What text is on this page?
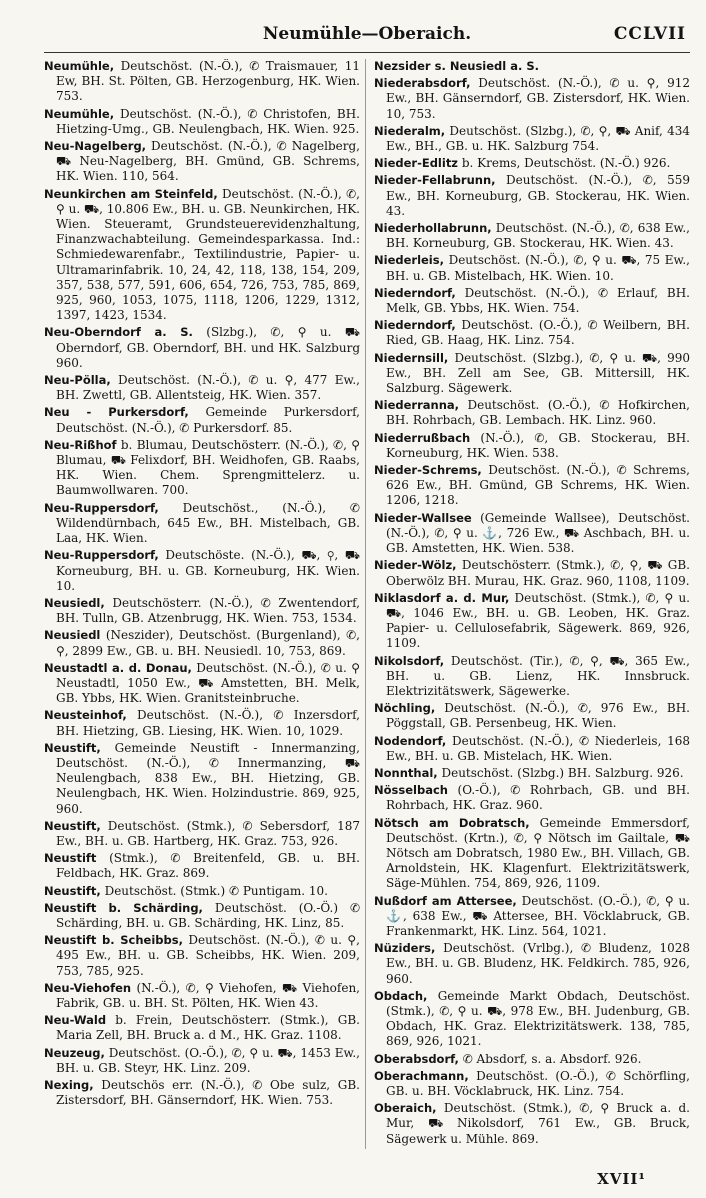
Neumühle—Oberaich.	CCLVII

Neumühle, Deutschöst. (N.-Ö.), ✆ Traismauer, 11 Ew, BH. St. Pölten, GB. Herzogenburg, HK. Wien. 753.

Neumühle, Deutschöst. (N.-Ö.), ✆ Christofen, BH. Hietzing-Umg., GB. Neulengbach, HK. Wien. 925.

Neu-Nagelberg, Deutschöst. (N.-Ö.), ✆ Nagelberg, ⛟ Neu-Nagelberg, BH. Gmünd, GB. Schrems, HK. Wien. 110, 564.

Neunkirchen am Steinfeld, Deutschöst. (N.-Ö.), ✆, ⚲ u. ⛟, 10.806 Ew., BH. u. GB. Neunkirchen, HK. Wien. Steueramt, Grundsteuerevidenzhaltung, Finanzwachabteilung. Gemeindesparkassa. Ind.: Schmiedewarenfabr., Textilindustrie, Papier- u. Ultramarinfabrik. 10, 24, 42, 118, 138, 154, 209, 357, 538, 577, 591, 606, 654, 726, 753, 785, 869, 925, 960, 1053, 1075, 1118, 1206, 1229, 1312, 1397, 1423, 1534.

Neu-Oberndorf a. S. (Slzbg.), ✆, ⚲ u. ⛟ Oberndorf, GB. Oberndorf, BH. und HK. Salzburg 960.

Neu-Pölla, Deutschöst. (N.-Ö.), ✆ u. ⚲, 477 Ew., BH. Zwettl, GB. Allentsteig, HK. Wien. 357.

Neu - Purkersdorf, Gemeinde Purkersdorf, Deutschöst. (N.-Ö.), ✆ Purkersdorf. 85.

Neu-Rißhof b. Blumau, Deutschösterr. (N.-Ö.), ✆, ⚲ Blumau, ⛟ Felixdorf, BH. Weidhofen, GB. Raabs, HK. Wien. Chem. Sprengmittelerz. u. Baumwollwaren. 700.

Neu-Ruppersdorf, Deutschöst., (N.-Ö.), ✆ Wildendürnbach, 645 Ew., BH. Mistelbach, GB. Laa, HK. Wien.

Neu-Ruppersdorf, Deutschöste. (N.-Ö.), ⛟, ⚲, ⛟ Korneuburg, BH. u. GB. Korneuburg, HK. Wien. 10.

Neusiedl, Deutschösterr. (N.-Ö.), ✆ Zwentendorf, BH. Tulln, GB. Atzenbrugg, HK. Wien. 753, 1534.

Neusiedl (Neszider), Deutschöst. (Burgenland), ✆, ⚲, 2899 Ew., GB. u. BH. Neusiedl. 10, 753, 869.

Neustadtl a. d. Donau, Deutschöst. (N.-Ö.), ✆ u. ⚲ Neustadtl, 1050 Ew., ⛟ Amstetten, BH. Melk, GB. Ybbs, HK. Wien. Granitsteinbruche.

Neusteinhof, Deutschöst. (N.-Ö.), ✆ Inzersdorf, BH. Hietzing, GB. Liesing, HK. Wien. 10, 1029.

Neustift, Gemeinde Neustift - Innermanzing, Deutschöst. (N.-Ö.), ✆ Innermanzing, ⛟ Neulengbach, 838 Ew., BH. Hietzing, GB. Neulengbach, HK. Wien. Holzindustrie. 869, 925, 960.

Neustift, Deutschöst. (Stmk.), ✆ Sebersdorf, 187 Ew., BH. u. GB. Hartberg, HK. Graz. 753, 926.

Neustift (Stmk.), ✆ Breitenfeld, GB. u. BH. Feldbach, HK. Graz. 869.

Neustift, Deutschöst. (Stmk.) ✆ Puntigam. 10.

Neustift b. Schärding, Deutschöst. (O.-Ö.) ✆ Schärding, BH. u. GB. Schärding, HK. Linz, 85.

Neustift b. Scheibbs, Deutschöst. (N.-Ö.), ✆ u. ⚲, 495 Ew., BH. u. GB. Scheibbs, HK. Wien. 209, 753, 785, 925.

Neu-Viehofen (N.-Ö.), ✆, ⚲ Viehofen, ⛟ Viehofen, Fabrik, GB. u. BH. St. Pölten, HK. Wien 43.

Neu-Wald b. Frein, Deutschösterr. (Stmk.), GB. Maria Zell, BH. Bruck a. d M., HK. Graz. 1108.

Neuzeug, Deutschöst. (O.-Ö.), ✆, ⚲ u. ⛟, 1453 Ew., BH. u. GB. Steyr, HK. Linz. 209.

Nexing, Deutschös err. (N.-Ö.), ✆ Obe sulz, GB. Zistersdorf, BH. Gänserndorf, HK. Wien. 753.

Nezsider s. Neusiedl a. S.

Niederabsdorf, Deutschöst. (N.-Ö.), ✆ u. ⚲, 912 Ew., BH. Gänserndorf, GB. Zistersdorf, HK. Wien. 10, 753.

Niederalm, Deutschöst. (Slzbg.), ✆, ⚲, ⛟ Anif, 434 Ew., BH., GB. u. HK. Salzburg 754.

Nieder-Edlitz b. Krems, Deutschöst. (N.-Ö.) 926.

Nieder-Fellabrunn, Deutschöst. (N.-Ö.), ✆, 559 Ew., BH. Korneuburg, GB. Stockerau, HK. Wien. 43.

Niederhollabrunn, Deutschöst. (N.-Ö.), ✆, 638 Ew., BH. Korneuburg, GB. Stockerau, HK. Wien. 43.

Niederleis, Deutschöst. (N.-Ö.), ✆, ⚲ u. ⛟, 75 Ew., BH. u. GB. Mistelbach, HK. Wien. 10.

Niederndorf, Deutschöst. (N.-Ö.), ✆ Erlauf, BH. Melk, GB. Ybbs, HK. Wien. 754.

Niederndorf, Deutschöst. (O.-Ö.), ✆ Weilbern, BH. Ried, GB. Haag, HK. Linz. 754.

Niedernsill, Deutschöst. (Slzbg.), ✆, ⚲ u. ⛟, 990 Ew., BH. Zell am See, GB. Mittersill, HK. Salzburg. Sägewerk.

Niederranna, Deutschöst. (O.-Ö.), ✆ Hofkirchen, BH. Rohrbach, GB. Lembach. HK. Linz. 960.

Niederrußbach (N.-Ö.), ✆, GB. Stockerau, BH. Korneuburg, HK. Wien. 538.

Nieder-Schrems, Deutschöst. (N.-Ö.), ✆ Schrems, 626 Ew., BH. Gmünd, GB Schrems, HK. Wien. 1206, 1218.

Nieder-Wallsee (Gemeinde Wallsee), Deutschöst. (N.-Ö.), ✆, ⚲ u. ⚓, 726 Ew., ⛟ Aschbach, BH. u. GB. Amstetten, HK. Wien. 538.

Nieder-Wölz, Deutschösterr. (Stmk.), ✆, ⚲, ⛟ GB. Oberwölz BH. Murau, HK. Graz. 960, 1108, 1109.

Niklasdorf a. d. Mur, Deutschöst. (Stmk.), ✆, ⚲ u. ⛟, 1046 Ew., BH. u. GB. Leoben, HK. Graz. Papier- u. Cellulosefabrik, Sägewerk. 869, 926, 1109.

Nikolsdorf, Deutschöst. (Tir.), ✆, ⚲, ⛟, 365 Ew., BH. u. GB. Lienz, HK. Innsbruck. Elektrizitätswerk, Sägewerke.

Nöchling, Deutschöst. (N.-Ö.), ✆, 976 Ew., BH. Pöggstall, GB. Persenbeug, HK. Wien.

Nodendorf, Deutschöst. (N.-Ö.), ✆ Niederleis, 168 Ew., BH. u. GB. Mistelach, HK. Wien.

Nonnthal, Deutschöst. (Slzbg.) BH. Salzburg. 926.

Nösselbach (O.-Ö.), ✆ Rohrbach, GB. und BH. Rohrbach, HK. Graz. 960.

Nötsch am Dobratsch, Gemeinde Emmersdorf, Deutschöst. (Krtn.), ✆, ⚲ Nötsch im Gailtale, ⛟ Nötsch am Dobratsch, 1980 Ew., BH. Villach, GB. Arnoldstein, HK. Klagenfurt. Elektrizitätswerk, Säge-Mühlen. 754, 869, 926, 1109.

Nußdorf am Attersee, Deutschöst. (O.-Ö.), ✆, ⚲ u. ⚓, 638 Ew., ⛟ Attersee, BH. Vöcklabruck, GB. Frankenmarkt, HK. Linz. 564, 1021.

Nüziders, Deutschöst. (Vrlbg.), ✆ Bludenz, 1028 Ew., BH. u. GB. Bludenz, HK. Feldkirch. 785, 926, 960.

Obdach, Gemeinde Markt Obdach, Deutschöst. (Stmk.), ✆, ⚲ u. ⛟, 978 Ew., BH. Judenburg, GB. Obdach, HK. Graz. Elektrizitätswerk. 138, 785, 869, 926, 1021.

Oberabsdorf, ✆ Absdorf, s. a. Absdorf. 926.

Oberachmann, Deutschöst. (O.-Ö.), ✆ Schörfling, GB. u. BH. Vöcklabruck, HK. Linz. 754.

Oberaich, Deutschöst. (Stmk.), ✆, ⚲ Bruck a. d. Mur, ⛟ Nikolsdorf, 761 Ew., GB. Bruck, Sägewerk u. Mühle. 869.

XVII¹
